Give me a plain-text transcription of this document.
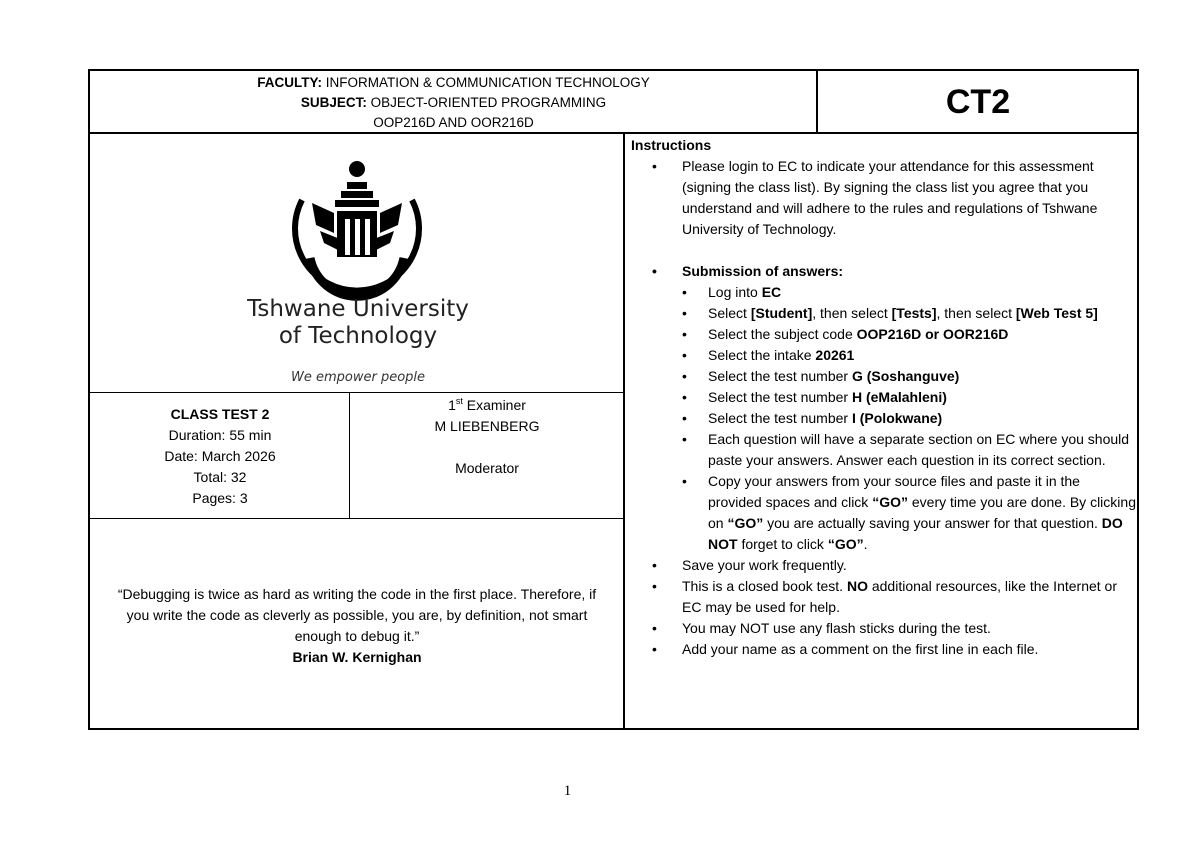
FACULTY: INFORMATION & COMMUNICATION TECHNOLOGY
SUBJECT: OBJECT-ORIENTED PROGRAMMING
OOP216D AND OOR216D
CT2
Tshwane University
of Technology
We empower people
CLASS TEST 2
Duration: 55 min
Date: March 2026
Total: 32
Pages: 3
1st Examiner
M LIEBENBERG
Moderator
“Debugging is twice as hard as writing the code in the first place. Therefore, if you write the code as cleverly as possible, you are, by definition, not smart enough to debug it.”
Brian W. Kernighan
Instructions
• Please login to EC to indicate your attendance for this assessment (signing the class list). By signing the class list you agree that you understand and will adhere to the rules and regulations of Tshwane University of Technology.
• Submission of answers:
• Log into EC
• Select [Student], then select [Tests], then select [Web Test 5]
• Select the subject code OOP216D or OOR216D
• Select the intake 20261
• Select the test number G (Soshanguve)
• Select the test number H (eMalahleni)
• Select the test number I (Polokwane)
• Each question will have a separate section on EC where you should paste your answers. Answer each question in its correct section.
• Copy your answers from your source files and paste it in the provided spaces and click “GO” every time you are done. By clicking on “GO” you are actually saving your answer for that question. DO NOT forget to click “GO”.
• Save your work frequently.
• This is a closed book test. NO additional resources, like the Internet or EC may be used for help.
• You may NOT use any flash sticks during the test.
• Add your name as a comment on the first line in each file.
1
